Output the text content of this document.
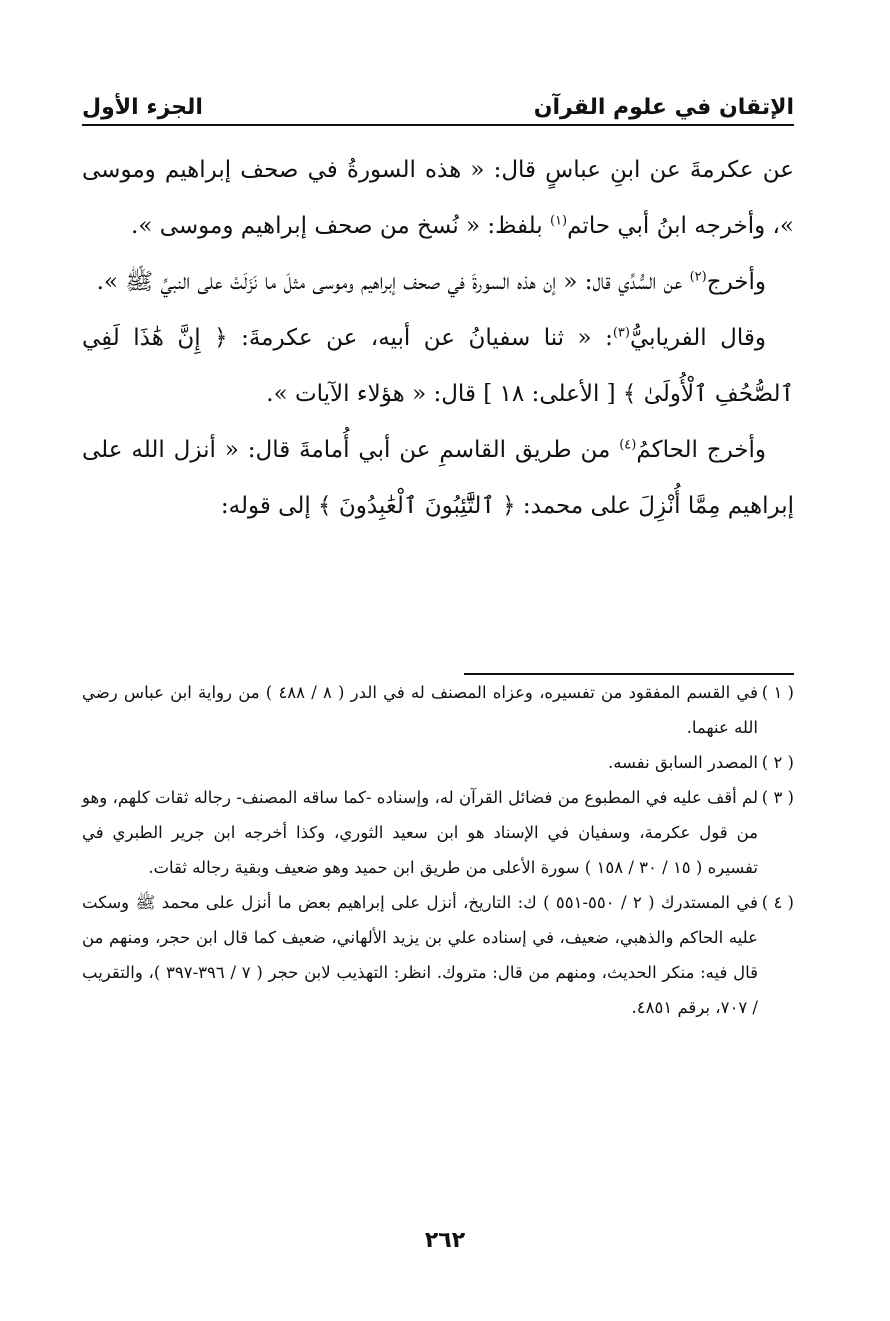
الإتقان في علوم القرآن
الجزء الأول

عن عكرمةَ عن ابنِ عباسٍ قال: « هذه السورةُ في صحف إبراهيم وموسى »، وأخرجه ابنُ أبي حاتم$^{(١)}$ بلفظ: « نُسخ من صحف إبراهيم وموسى ».

وأخرج$^{(٢)}$ عن السُّدِّي قال: « إن هذه السورةَ في صحف إبراهيم وموسى مثلَ ما نَزَلَتْ على النبيِّ ﷺ ».

وقال الفريابيُّ$^{(٣)}$: « ثنا سفيانُ عن أبيه، عن عكرمةَ: ﴿ إِنَّ هَٰذَا لَفِي ٱلصُّحُفِ ٱلْأُولَىٰ ﴾ [ الأعلى: ١٨ ] قال: « هؤلاء الآيات ».

وأخرج الحاكمُ$^{(٤)}$ من طريق القاسمِ عن أبي أُمامةَ قال: « أنزل الله على إبراهيم مِمَّا أُنْزِلَ على محمد: ﴿ ٱلتَّٰٓئِبُونَ ٱلْعَٰبِدُونَ ﴾ إلى قوله:

( ١ )
في القسم المفقود من تفسيره، وعزاه المصنف له في الدر ( ٨ / ٤٨٨ ) من رواية ابن عباس رضي الله عنهما.

( ٢ )
المصدر السابق نفسه.

( ٣ )
لم أقف عليه في المطبوع من فضائل القرآن له، وإسناده -كما ساقه المصنف- رجاله ثقات كلهم، وهو من قول عكرمة، وسفيان في الإسناد هو ابن سعيد الثوري، وكذا أخرجه ابن جرير الطبري في تفسيره ( ١٥ / ٣٠ / ١٥٨ ) سورة الأعلى من طريق ابن حميد وهو ضعيف وبقية رجاله ثقات.

( ٤ )
في المستدرك ( ٢ / ٥٥٠-٥٥١ ) ك: التاريخ، أنزل على إبراهيم بعض ما أنزل على محمد ﷺ وسكت عليه الحاكم والذهبي، ضعيف، في إسناده علي بن يزيد الألهاني، ضعيف كما قال ابن حجر، ومنهم من قال فيه: منكر الحديث، ومنهم من قال: متروك. انظر: التهذيب لابن حجر ( ٧ / ٣٩٦-٣٩٧ )، والتقريب / ٧٠٧، برقم ٤٨٥١.

٢٦٢
